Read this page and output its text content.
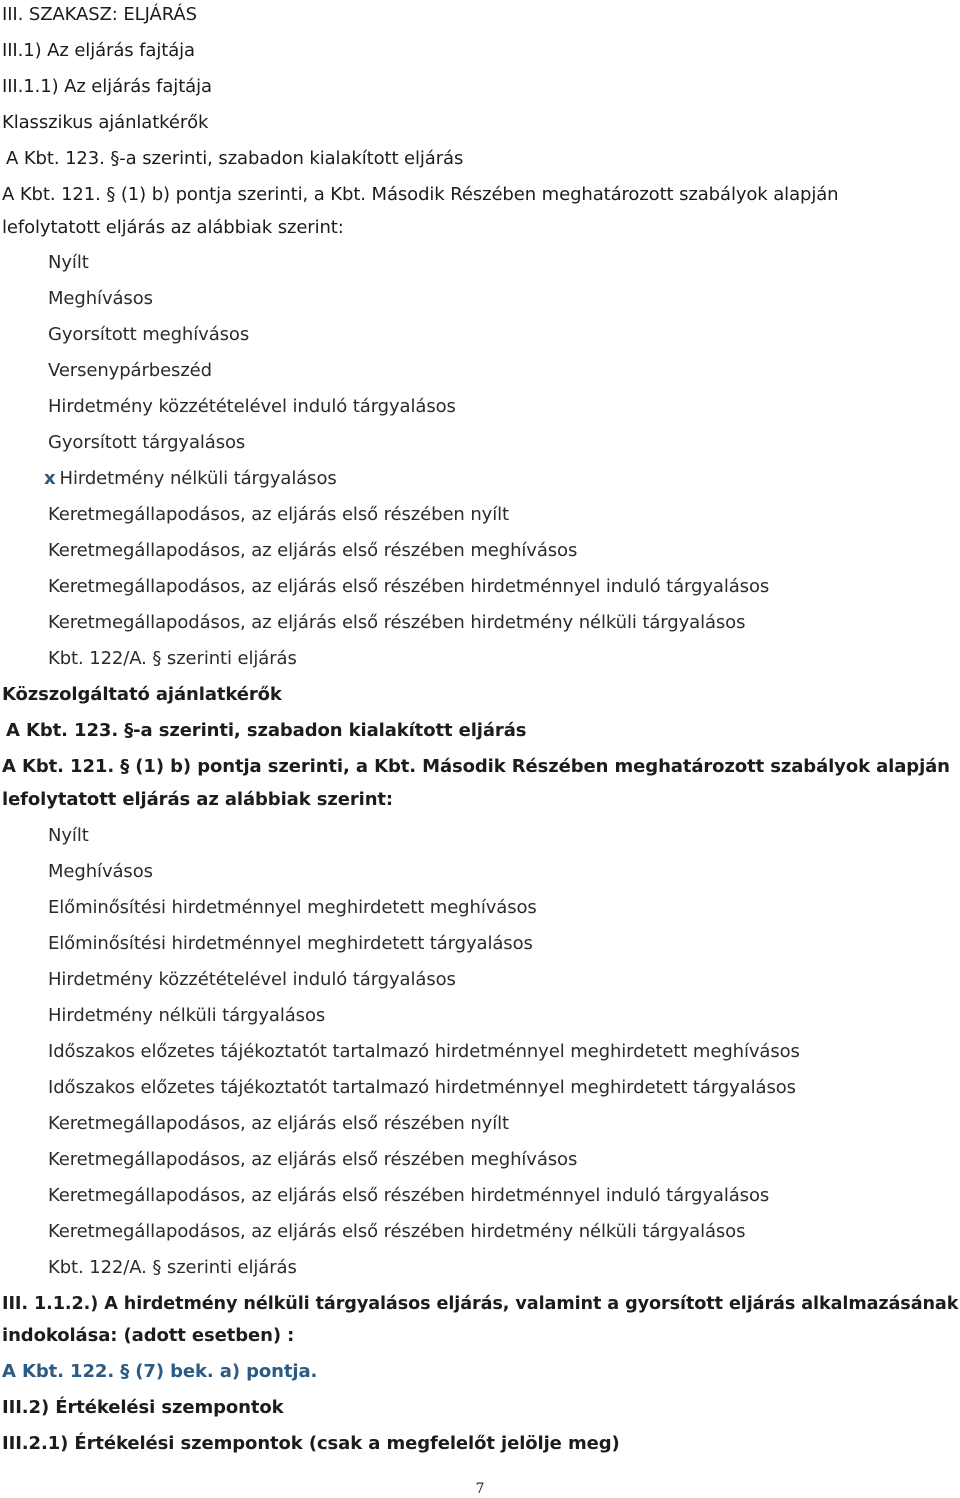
III. SZAKASZ: ELJÁRÁS
III.1) Az eljárás fajtája
III.1.1) Az eljárás fajtája
Klasszikus ajánlatkérők
A Kbt. 123. §-a szerinti, szabadon kialakított eljárás
A Kbt. 121. § (1) b) pontja szerinti, a Kbt. Második Részében meghatározott szabályok alapján
lefolytatott eljárás az alábbiak szerint:
Nyílt
Meghívásos
Gyorsított meghívásos
Versenypárbeszéd
Hirdetmény közzétételével induló tárgyalásos
Gyorsított tárgyalásos
x Hirdetmény nélküli tárgyalásos
Keretmegállapodásos, az eljárás első részében nyílt
Keretmegállapodásos, az eljárás első részében meghívásos
Keretmegállapodásos, az eljárás első részében hirdetménnyel induló tárgyalásos
Keretmegállapodásos, az eljárás első részében hirdetmény nélküli tárgyalásos
Kbt. 122/A. § szerinti eljárás
Közszolgáltató ajánlatkérők
A Kbt. 123. §-a szerinti, szabadon kialakított eljárás
A Kbt. 121. § (1) b) pontja szerinti, a Kbt. Második Részében meghatározott szabályok alapján
lefolytatott eljárás az alábbiak szerint:
Nyílt
Meghívásos
Előminősítési hirdetménnyel meghirdetett meghívásos
Előminősítési hirdetménnyel meghirdetett tárgyalásos
Hirdetmény közzétételével induló tárgyalásos
Hirdetmény nélküli tárgyalásos
Időszakos előzetes tájékoztatót tartalmazó hirdetménnyel meghirdetett meghívásos
Időszakos előzetes tájékoztatót tartalmazó hirdetménnyel meghirdetett tárgyalásos
Keretmegállapodásos, az eljárás első részében nyílt
Keretmegállapodásos, az eljárás első részében meghívásos
Keretmegállapodásos, az eljárás első részében hirdetménnyel induló tárgyalásos
Keretmegállapodásos, az eljárás első részében hirdetmény nélküli tárgyalásos
Kbt. 122/A. § szerinti eljárás
III. 1.1.2.) A hirdetmény nélküli tárgyalásos eljárás, valamint a gyorsított eljárás alkalmazásának
indokolása: (adott esetben) :
A Kbt. 122. § (7) bek. a) pontja.
III.2) Értékelési szempontok
III.2.1) Értékelési szempontok (csak a megfelelőt jelölje meg)
7
